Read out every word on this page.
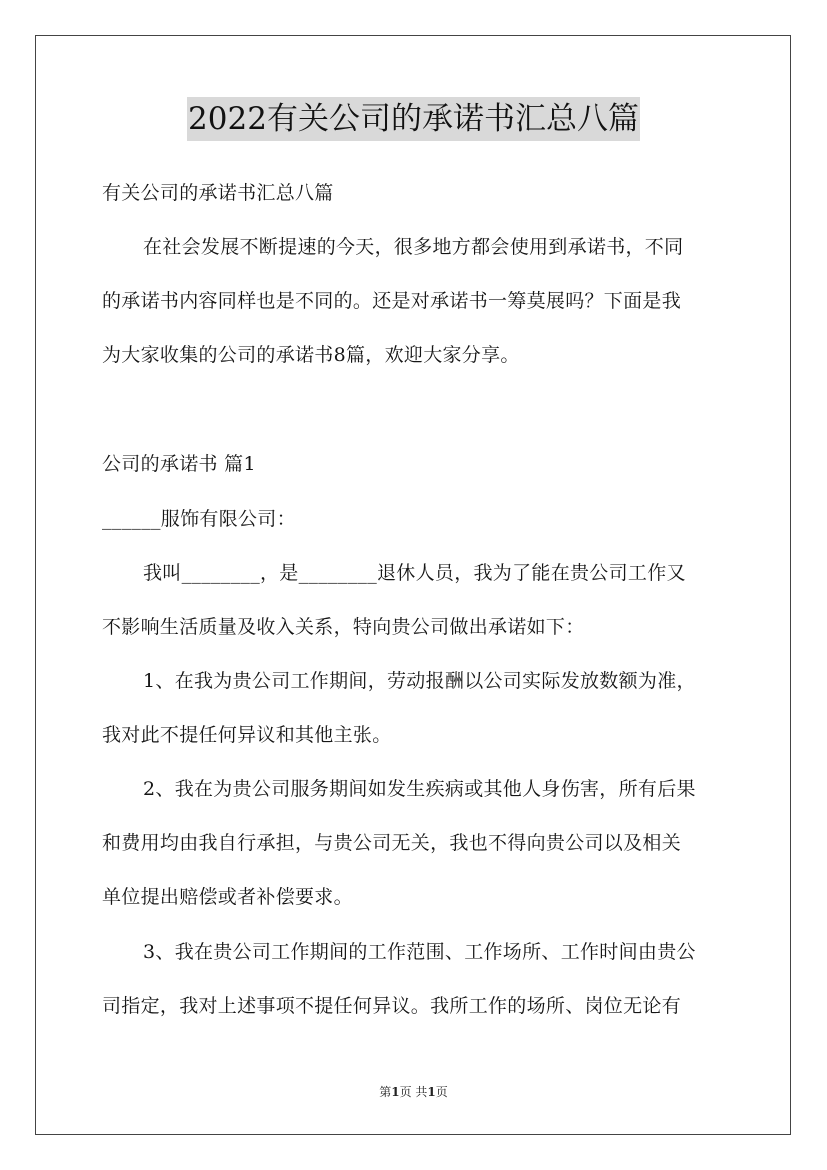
2022有关公司的承诺书汇总八篇
有关公司的承诺书汇总八篇
在社会发展不断提速的今天，很多地方都会使用到承诺书，不同
的承诺书内容同样也是不同的。还是对承诺书一筹莫展吗？下面是我
为大家收集的公司的承诺书8篇，欢迎大家分享。
公司的承诺书 篇1
______服饰有限公司：
我叫________，是________退休人员，我为了能在贵公司工作又
不影响生活质量及收入关系，特向贵公司做出承诺如下：
1、在我为贵公司工作期间，劳动报酬以公司实际发放数额为准，
我对此不提任何异议和其他主张。
2、我在为贵公司服务期间如发生疾病或其他人身伤害，所有后果
和费用均由我自行承担，与贵公司无关，我也不得向贵公司以及相关
单位提出赔偿或者补偿要求。
3、我在贵公司工作期间的工作范围、工作场所、工作时间由贵公
司指定，我对上述事项不提任何异议。我所工作的场所、岗位无论有
第1页 共1页
